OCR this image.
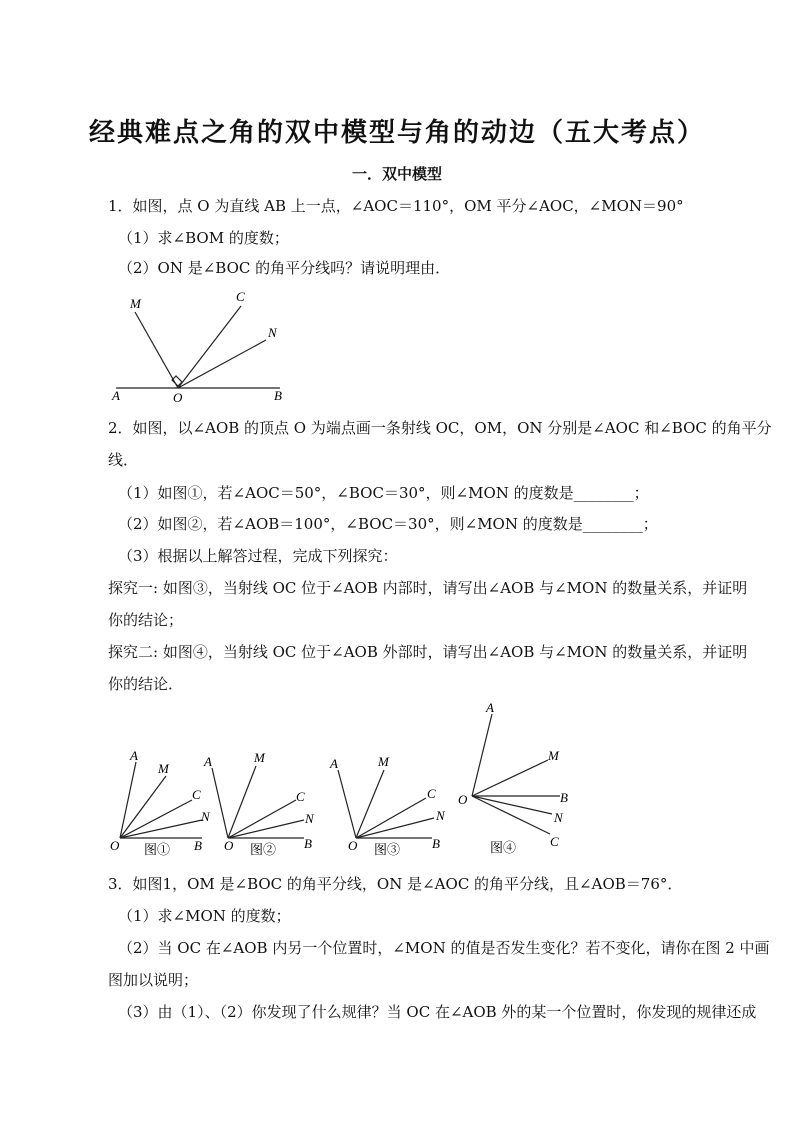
经典难点之角的双中模型与角的动边（五大考点）
一．双中模型
1．如图，点 O 为直线 AB 上一点，∠AOC＝110°，OM 平分∠AOC，∠MON＝90°
（1）求∠BOM 的度数；
（2）ON 是∠BOC 的角平分线吗？请说明理由．
A	B
O
M	C
N
2．如图，以∠AOB 的顶点 O 为端点画一条射线 OC，OM，ON 分别是∠AOC 和∠BOC 的角平分
线．
（1）如图①，若∠AOC＝50°，∠BOC＝30°，则∠MON 的度数是________；
（2）如图②，若∠AOB＝100°，∠BOC＝30°，则∠MON 的度数是________；
（3）根据以上解答过程，完成下列探究：
探究一: 如图③，当射线 OC 位于∠AOB 内部时，请写出∠AOB 与∠MON 的数量关系，并证明
你的结论；
探究二: 如图④，当射线 OC 位于∠AOB 外部时，请写出∠AOB 与∠MON 的数量关系，并证明
你的结论．
A
M
C
N
O	B
图①
A	M
C
N
O	B
图②
A	M
C
N
O	B
图③
A
M
B
N
C
O
图④
3．如图1，OM 是∠BOC 的角平分线，ON 是∠AOC 的角平分线，且∠AOB＝76°．
（1）求∠MON 的度数；
（2）当 OC 在∠AOB 内另一个位置时，∠MON 的值是否发生变化？若不变化，请你在图 2 中画
图加以说明；
（3）由（1）、（2）你发现了什么规律？当 OC 在∠AOB 外的某一个位置时，你发现的规律还成
